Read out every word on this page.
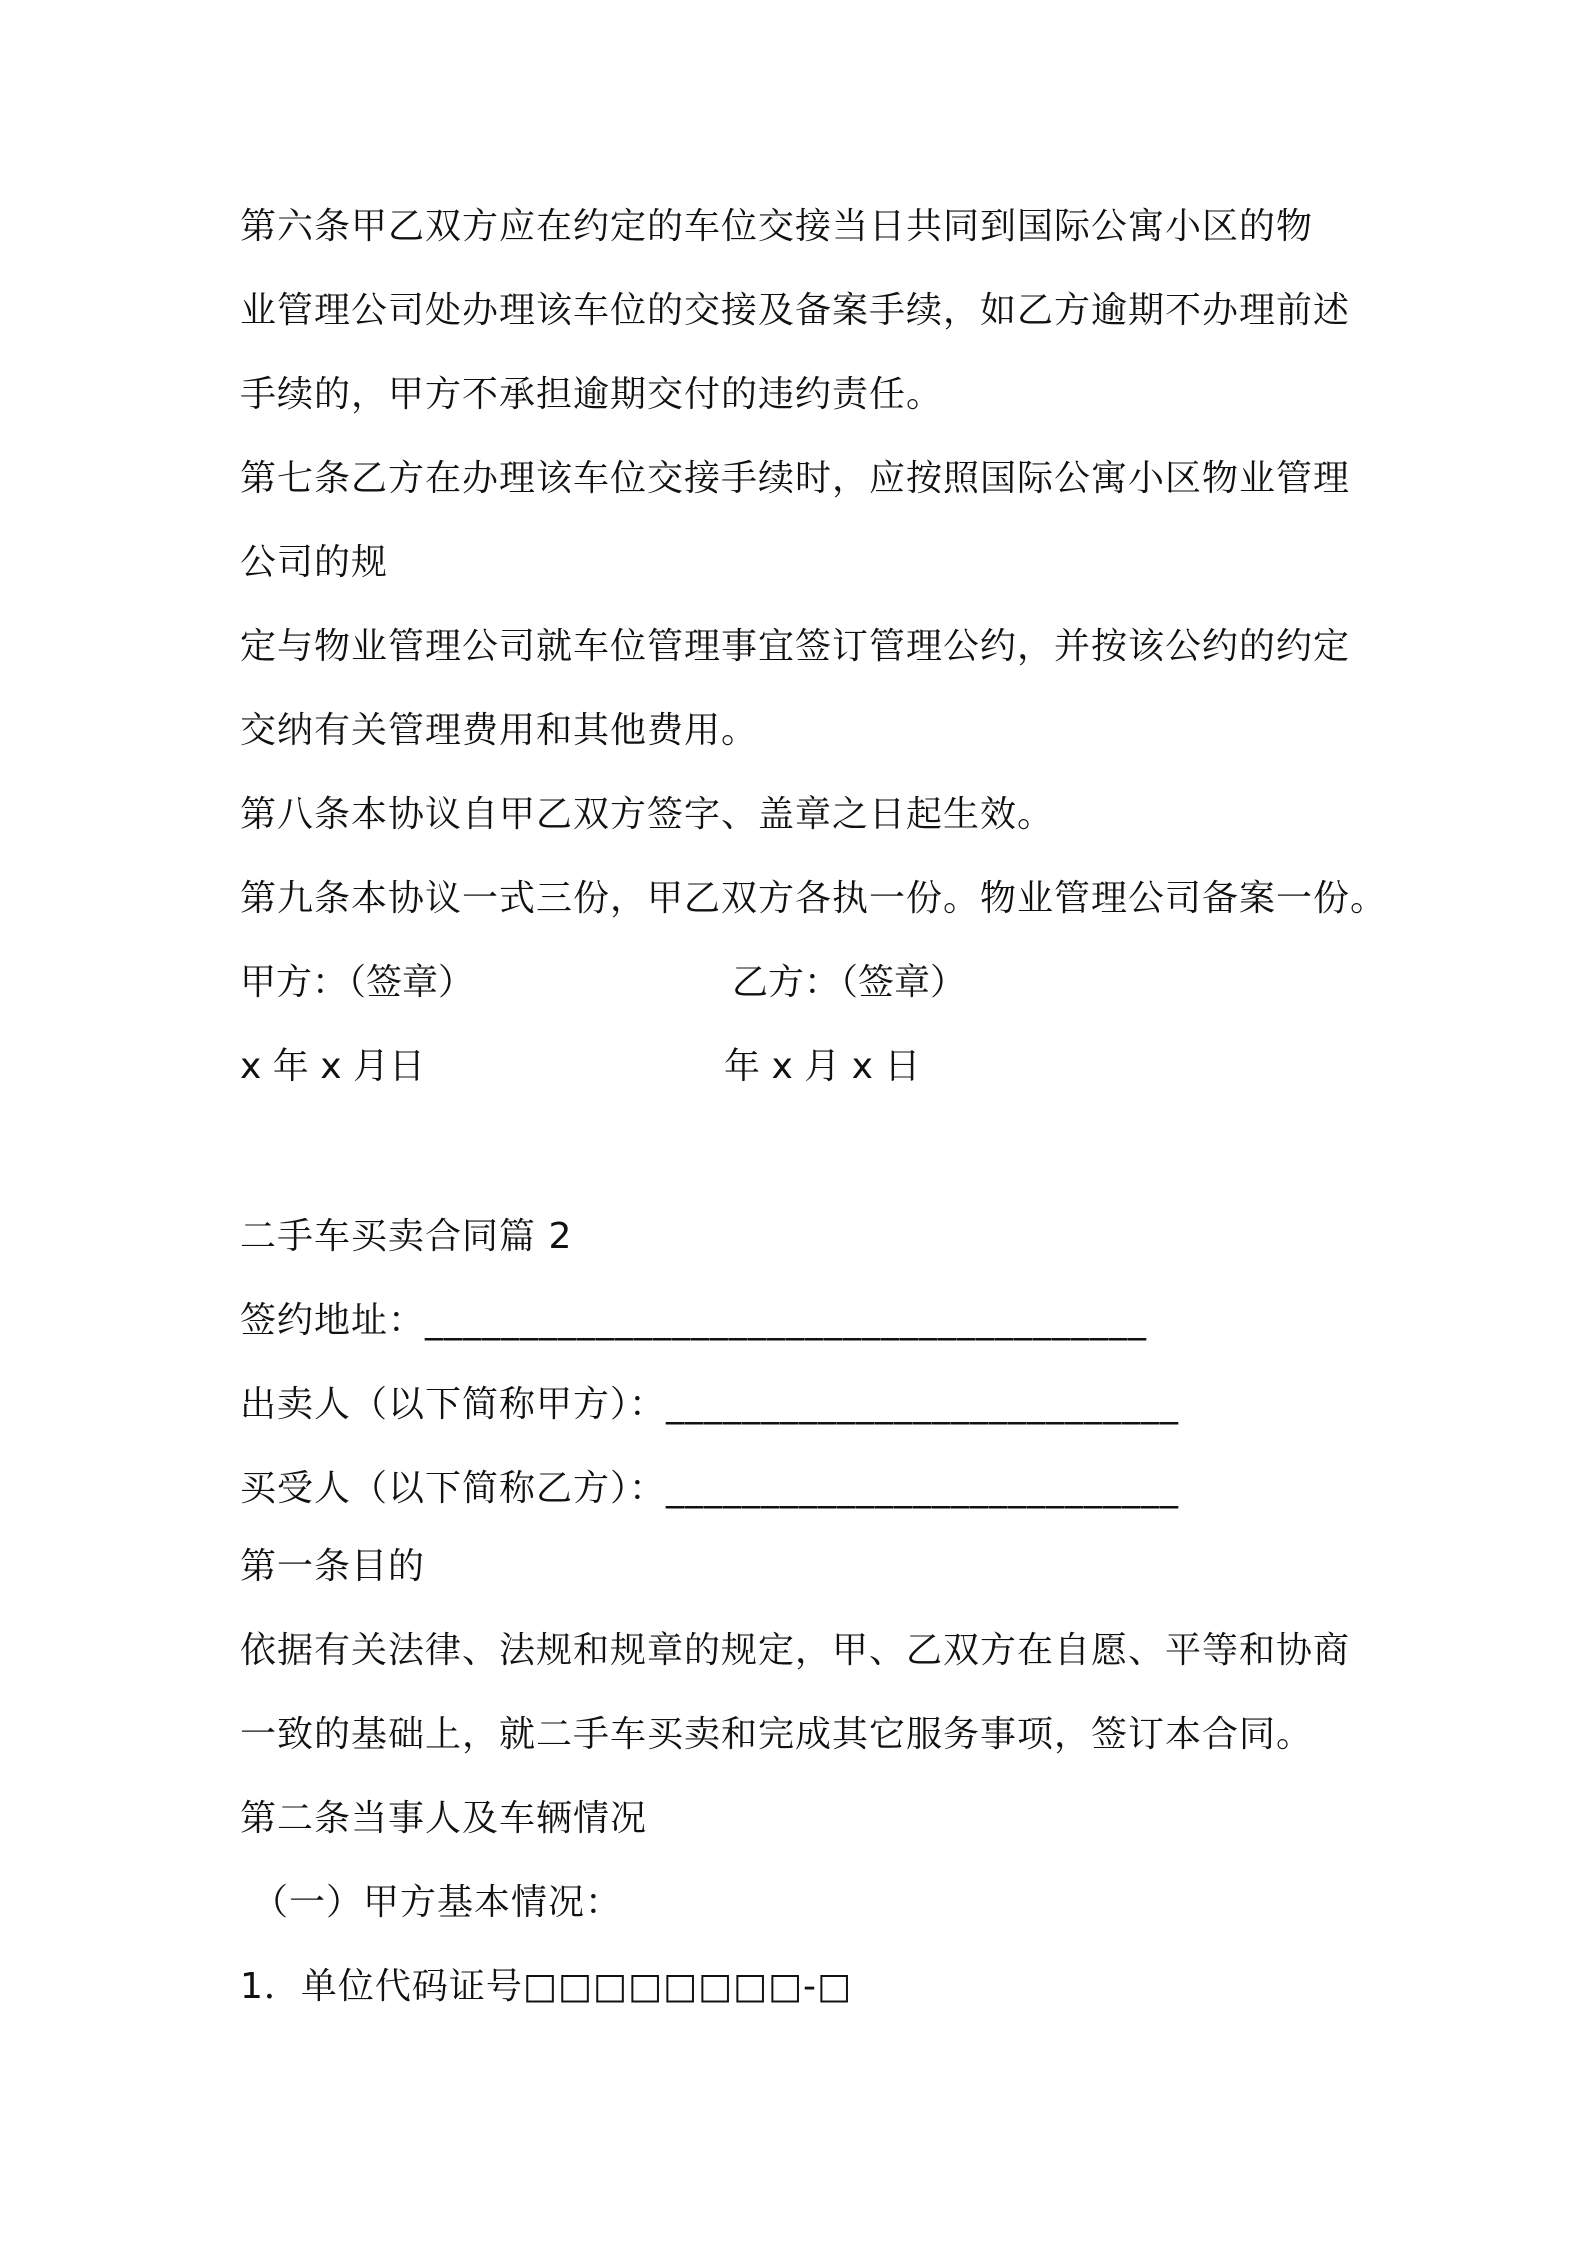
第六条甲乙双方应在约定的车位交接当日共同到国际公寓小区的物
业管理公司处办理该车位的交接及备案手续，如乙方逾期不办理前述
手续的，甲方不承担逾期交付的违约责任。
第七条乙方在办理该车位交接手续时，应按照国际公寓小区物业管理
公司的规
定与物业管理公司就车位管理事宜签订管理公约，并按该公约的约定
交纳有关管理费用和其他费用。
第八条本协议自甲乙双方签字、盖章之日起生效。
第九条本协议一式三份，甲乙双方各执一份。物业管理公司备案一份。
甲方：（签章）	乙方：（签章）
x 年 x 月日	年 x 月 x 日
二手车买卖合同篇 2
签约地址：______________________________________
出卖人（以下简称甲方）：___________________________
买受人（以下简称乙方）：___________________________
第一条目的
依据有关法律、法规和规章的规定，甲、乙双方在自愿、平等和协商
一致的基础上，就二手车买卖和完成其它服务事项，签订本合同。
第二条当事人及车辆情况
（一）甲方基本情况：
1．单位代码证号□□□□□□□□-□
